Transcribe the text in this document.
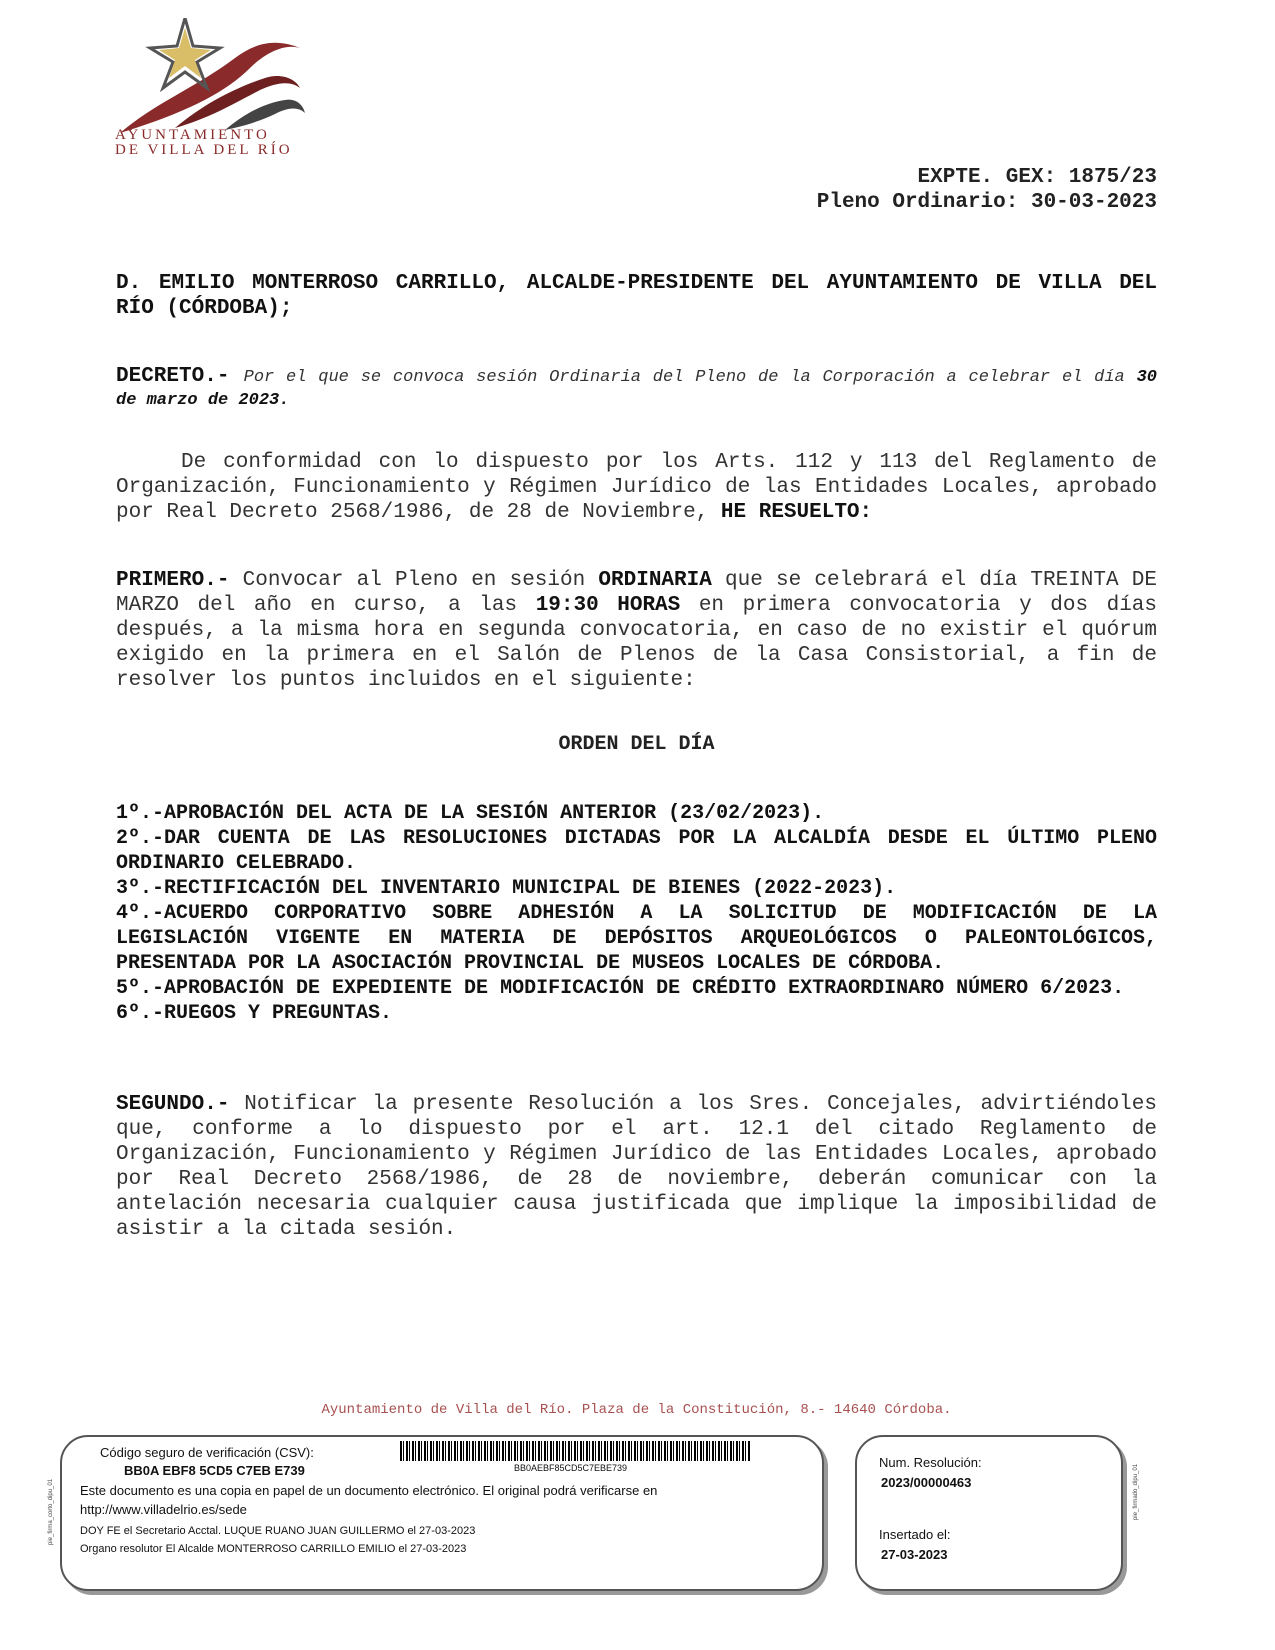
AYUNTAMIENTO
DE VILLA DEL RÍO
EXPTE. GEX: 1875/23
Pleno Ordinario: 30-03-2023
D. EMILIO MONTERROSO CARRILLO, ALCALDE-PRESIDENTE DEL AYUNTAMIENTO DE VILLA DEL RÍO (CÓRDOBA);
DECRETO.- Por el que se convoca sesión Ordinaria del Pleno de la Corporación a celebrar el día 30 de marzo de 2023.
De conformidad con lo dispuesto por los Arts. 112 y 113 del Reglamento de Organización, Funcionamiento y Régimen Jurídico de las Entidades Locales, aprobado por Real Decreto 2568/1986, de 28 de Noviembre, HE RESUELTO:
PRIMERO.- Convocar al Pleno en sesión ORDINARIA que se celebrará el día TREINTA DE MARZO del año en curso, a las 19:30 HORAS en primera convocatoria y dos días después, a la misma hora en segunda convocatoria, en caso de no existir el quórum exigido en la primera en el Salón de Plenos de la Casa Consistorial, a fin de resolver los puntos incluidos en el siguiente:
ORDEN DEL DÍA
1º.-APROBACIÓN DEL ACTA DE LA SESIÓN ANTERIOR (23/02/2023).
2º.-DAR CUENTA DE LAS RESOLUCIONES DICTADAS POR LA ALCALDÍA DESDE EL ÚLTIMO PLENO ORDINARIO CELEBRADO.
3º.-RECTIFICACIÓN DEL INVENTARIO MUNICIPAL DE BIENES (2022-2023).
4º.-ACUERDO CORPORATIVO SOBRE ADHESIÓN A LA SOLICITUD DE MODIFICACIÓN DE LA LEGISLACIÓN VIGENTE EN MATERIA DE DEPÓSITOS ARQUEOLÓGICOS O PALEONTOLÓGICOS, PRESENTADA POR LA ASOCIACIÓN PROVINCIAL DE MUSEOS LOCALES DE CÓRDOBA.
5º.-APROBACIÓN DE EXPEDIENTE DE MODIFICACIÓN DE CRÉDITO EXTRAORDINARO NÚMERO 6/2023.
6º.-RUEGOS Y PREGUNTAS.
SEGUNDO.- Notificar la presente Resolución a los Sres. Concejales, advirtiéndoles que, conforme a lo dispuesto por el art. 12.1 del citado Reglamento de Organización, Funcionamiento y Régimen Jurídico de las Entidades Locales, aprobado por Real Decreto 2568/1986, de 28 de noviembre, deberán comunicar con la antelación necesaria cualquier causa justificada que implique la imposibilidad de asistir a la citada sesión.
Ayuntamiento de Villa del Río. Plaza de la Constitución, 8.- 14640 Córdoba.
Código seguro de verificación (CSV):
BB0A EBF8 5CD5 C7EB E739	BB0AEBF85CD5C7EBE739
Este documento es una copia en papel de un documento electrónico. El original podrá verificarse en http://www.villadelrio.es/sede
DOY FE el Secretario Acctal. LUQUE RUANO JUAN GUILLERMO el 27-03-2023
Organo resolutor El Alcalde MONTERROSO CARRILLO EMILIO el 27-03-2023
pie_firma_corto_dipu_01
Num. Resolución:
2023/00000463
Insertado el:
27-03-2023
pie_firmado_dipu_01
